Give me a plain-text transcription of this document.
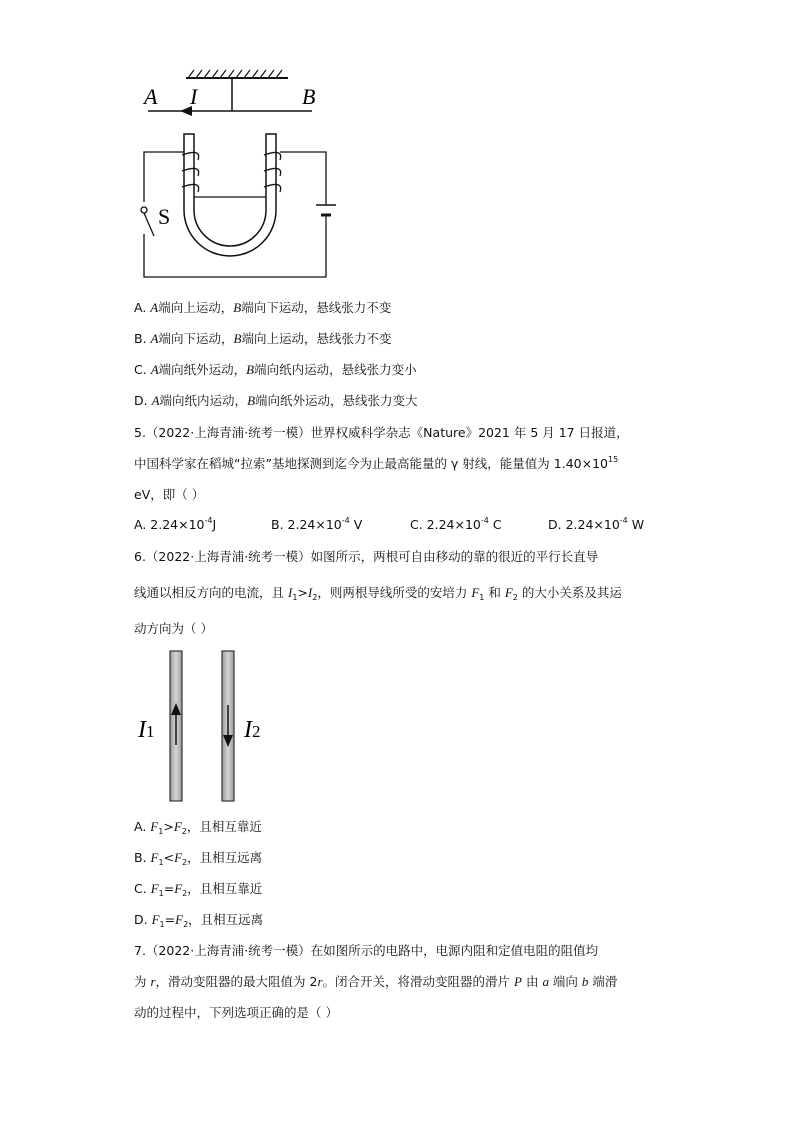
A I	B
S
A. A端向上运动，B端向下运动，悬线张力不变
B. A端向下运动，B端向上运动，悬线张力不变
C. A端向纸外运动，B端向纸内运动，悬线张力变小
D. A端向纸内运动，B端向纸外运动，悬线张力变大
5.（2022·上海青浦·统考一模）世界权威科学杂志《Nature》2021 年 5 月 17 日报道，
中国科学家在稻城“拉索”基地探测到迄今为止最高能量的 γ 射线，能量值为 $1.40\times 10^{15}$
eV，即（ ）
A. $2.24\times 10^{-4}J$	B. $2.24\times 10^{-4}$ V	C. $2.24\times 10^{-4}$ C	D. $2.24\times 10^{-4}$ W
6.（2022·上海青浦·统考一模）如图所示，两根可自由移动的靠的很近的平行长直导
线通以相反方向的电流，且 $I_1>I_2$，则两根导线所受的安培力 $F_1$ 和 $F_2$ 的大小关系及其运
动方向为（ ）
I1	I2
A. $F_1>F_2$，且相互靠近
B. $F_1<F_2$，且相互远离
C. $F_1=F_2$，且相互靠近
D. $F_1=F_2$，且相互远离
7.（2022·上海青浦·统考一模）在如图所示的电路中，电源内阻和定值电阻的阻值均
为 r，滑动变阻器的最大阻值为 2r。闭合开关，将滑动变阻器的滑片 P 由 a 端向 b 端滑
动的过程中，下列选项正确的是（ ）
